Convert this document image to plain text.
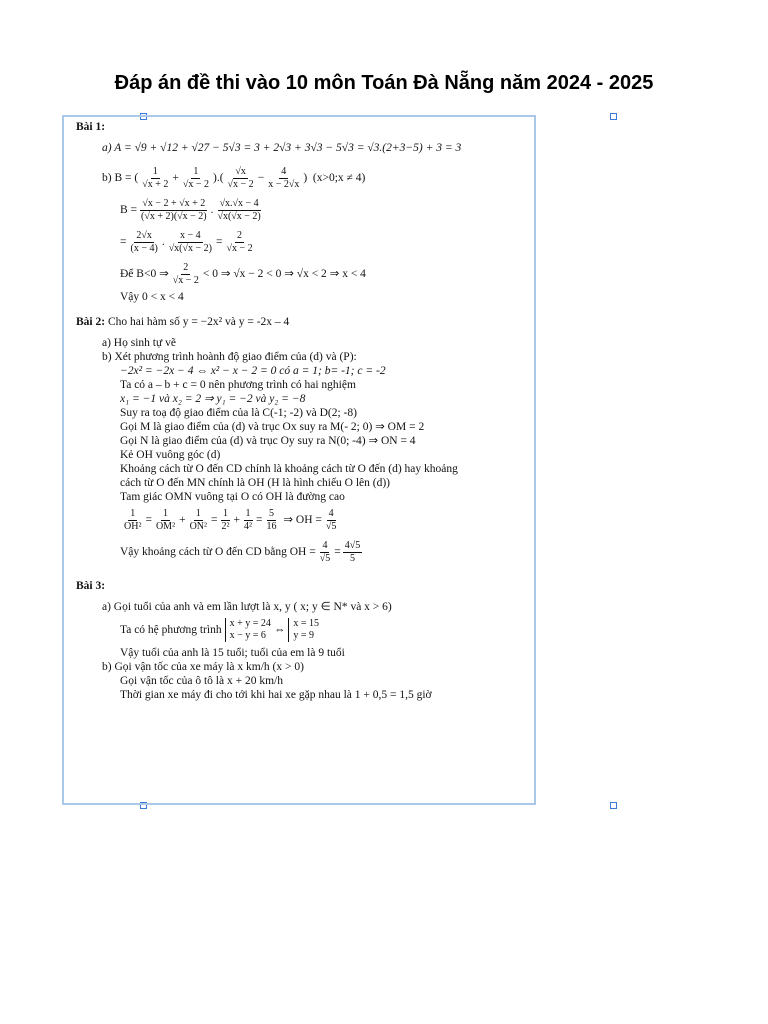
Đáp án đề thi vào 10 môn Toán Đà Nẵng năm 2024 - 2025
Bài 1:
a) A = √9 + √12 + √27 − 5√3 = 3 + 2√3 + 3√3 − 5√3 = √3.(2+3−5) + 3 = 3
b) B = ( $\frac{1}{√x + 2} + \frac{1}{√x - 2}$ ).( $\frac{√x}{√x - 2} - \frac{4}{x - 2√x}$ ) (x>0;x ≠ 4)
$B = \frac{√x - 2 + √x + 2}{(√x + 2)(√x - 2)}$ . $\frac{√x.√x - 4}{√x(√x - 2)}$
= $\frac{2√x}{(x - 4)}$ . $\frac{x - 4}{√x(√x - 2)} = \frac{2}{√x - 2}$
Để B<0 ⇒ $\frac{2}{√x - 2} < 0$ ⇒ √x − 2 < 0 ⇒ √x < 2 ⇒ x < 4
Vậy 0 < x < 4
Bài 2:
Cho hai hàm số y = −2x² và y = -2x – 4
a) Họ sinh tự vẽ
b) Xét phương trình hoành độ giao điểm của (d) và (P):
−2x² = −2x − 4 ⇔ x² − x − 2 = 0 có a = 1; b= -1; c = -2
Ta có a – b + c = 0 nên phương trình có hai nghiệm
x₁ = −1 và x₂ = 2 ⇒ y₁ = −2 và y₂ = −8
Suy ra toạ độ giao điểm của là C(-1; -2) và D(2; -8)
Gọi M là giao điểm của (d) và trục Ox suy ra M(- 2; 0) ⇒ OM = 2
Gọi N là giao điểm của (d) và trục Oy suy ra N(0; -4) ⇒ ON = 4
Kẻ OH vuông góc (d)
Khoảng cách từ O đến CD chính là khoảng cách từ O đến (d) hay khoảng
cách từ O đến MN chính là OH (H là hình chiếu O lên (d))
Tam giác OMN vuông tại O có OH là đường cao
$\frac{1}{\text{OH²}} = \frac{1}{\text{OM²}} + \frac{1}{\text{ON²}} = \frac{1}{\text{2²}} + \frac{1}{\text{4²}} = \frac{5}{16}$
⇒ OH = $\frac{4}{√5}$
Vậy khoảng cách từ O đến CD bằng OH = $\frac{4}{√5} = \frac{4√5}{5}$
Bài 3:
a) Gọi tuổi của anh và em lần lượt là x, y ( x; y ∈ N* và x > 6)
Ta có hệ phương trình
x + y = 24
x − y = 6 ⇔
x = 15
y = 9
Vậy tuổi của anh là 15 tuổi; tuổi của em là 9 tuổi
b) Gọi vận tốc của xe máy là x km/h (x > 0)
Gọi vận tốc của ô tô là x + 20 km/h
Thời gian xe máy đi cho tới khi hai xe gặp nhau là 1 + 0,5 = 1,5 giờ
